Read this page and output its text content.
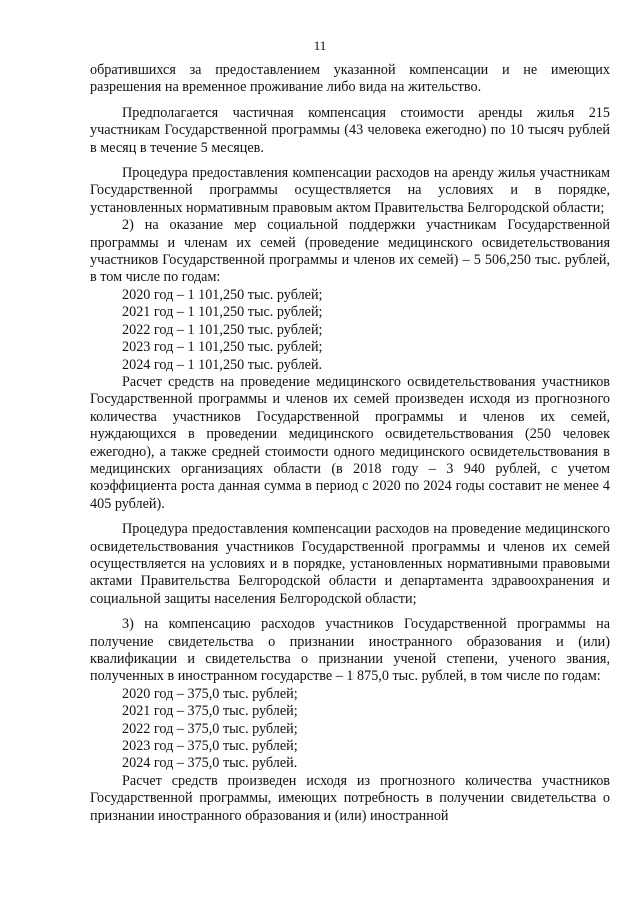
11

обратившихся за предоставлением указанной компенсации и не имеющих разрешения на временное проживание либо вида на жительство.

Предполагается частичная компенсация стоимости аренды жилья 215 участникам Государственной программы (43 человека ежегодно) по 10 тысяч рублей в месяц в течение 5 месяцев.

Процедура предоставления компенсации расходов на аренду жилья участникам Государственной программы осуществляется на условиях и в порядке, установленных нормативным правовым актом Правительства Белгородской области;

2) на оказание мер социальной поддержки участникам Государственной программы и членам их семей (проведение медицинского освидетельствования участников Государственной программы и членов их семей) – 5 506,250 тыс. рублей, в том числе по годам:

2020 год – 1 101,250 тыс. рублей;

2021 год – 1 101,250 тыс. рублей;

2022 год – 1 101,250 тыс. рублей;

2023 год – 1 101,250 тыс. рублей;

2024 год – 1 101,250 тыс. рублей.

Расчет средств на проведение медицинского освидетельствования участников Государственной программы и членов их семей произведен исходя из прогнозного количества участников Государственной программы и членов их семей, нуждающихся в проведении медицинского освидетельствования (250 человек ежегодно), а также средней стоимости одного медицинского освидетельствования в медицинских организациях области (в 2018 году – 3 940 рублей, с учетом коэффициента роста данная сумма в период с 2020 по 2024 годы составит не менее 4 405 рублей).

Процедура предоставления компенсации расходов на проведение медицинского освидетельствования участников Государственной программы и членов их семей осуществляется на условиях и в порядке, установленных нормативными правовыми актами Правительства Белгородской области и департамента здравоохранения и социальной защиты населения Белгородской области;

3) на компенсацию расходов участников Государственной программы на получение свидетельства о признании иностранного образования и (или) квалификации и свидетельства о признании ученой степени, ученого звания, полученных в иностранном государстве – 1 875,0 тыс. рублей, в том числе по годам:

2020 год – 375,0 тыс. рублей;

2021 год – 375,0 тыс. рублей;

2022 год – 375,0 тыс. рублей;

2023 год – 375,0 тыс. рублей;

2024 год – 375,0 тыс. рублей.

Расчет средств произведен исходя из прогнозного количества участников Государственной программы, имеющих потребность в получении свидетельства о признании иностранного образования и (или) иностранной
